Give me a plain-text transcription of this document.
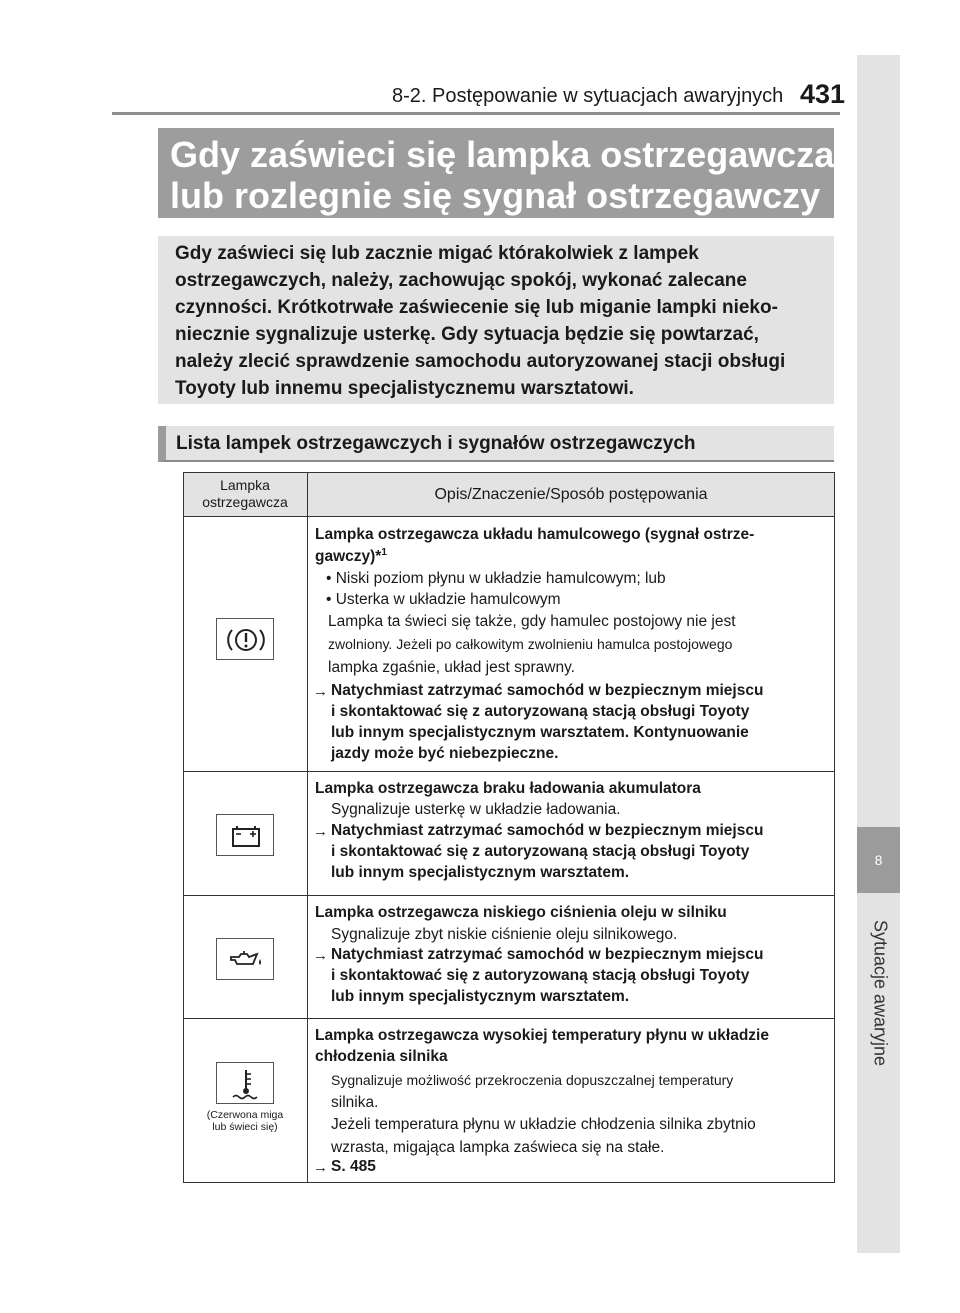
8-2. Postępowanie w sytuacjach awaryjnych 431
8
Sytuacje awaryjne
Gdy zaświeci się lampka ostrzegawcza
lub rozlegnie się sygnał ostrzegawczy
Gdy zaświeci się lub zacznie migać którakolwiek z lampek
ostrzegawczych, należy, zachowując spokój, wykonać zalecane
czynności. Krótkotrwałe zaświecenie się lub miganie lampki nieko-
niecznie sygnalizuje usterkę. Gdy sytuacja będzie się powtarzać,
należy zlecić sprawdzenie samochodu autoryzowanej stacji obsługi
Toyoty lub innemu specjalistycznemu warsztatowi.
Lista lampek ostrzegawczych i sygnałów ostrzegawczych
Lampka
ostrzegawcza	Opis/Znaczenie/Sposób postępowania
Lampka ostrzegawcza układu hamulcowego (sygnał ostrze-
gawczy)*$^1$
• Niski poziom płynu w układzie hamulcowym; lub
• Usterka w układzie hamulcowym
Lampka ta świeci się także, gdy hamulec postojowy nie jest
zwolniony. Jeżeli po całkowitym zwolnieniu hamulca postojowego
lampka zgaśnie, układ jest sprawny.
→ Natychmiast zatrzymać samochód w bezpiecznym miejscu
i skontaktować się z autoryzowaną stacją obsługi Toyoty
lub innym specjalistycznym warsztatem. Kontynuowanie
jazdy może być niebezpieczne.
Lampka ostrzegawcza braku ładowania akumulatora
Sygnalizuje usterkę w układzie ładowania.
→ Natychmiast zatrzymać samochód w bezpiecznym miejscu
i skontaktować się z autoryzowaną stacją obsługi Toyoty
lub innym specjalistycznym warsztatem.
Lampka ostrzegawcza niskiego ciśnienia oleju w silniku
Sygnalizuje zbyt niskie ciśnienie oleju silnikowego.
→ Natychmiast zatrzymać samochód w bezpiecznym miejscu
i skontaktować się z autoryzowaną stacją obsługi Toyoty
lub innym specjalistycznym warsztatem.
(Czerwona miga
lub świeci się)
Lampka ostrzegawcza wysokiej temperatury płynu w układzie
chłodzenia silnika
Sygnalizuje możliwość przekroczenia dopuszczalnej temperatury
silnika.
Jeżeli temperatura płynu w układzie chłodzenia silnika zbytnio
wzrasta, migająca lampka zaświeca się na stałe.
→ S. 485
